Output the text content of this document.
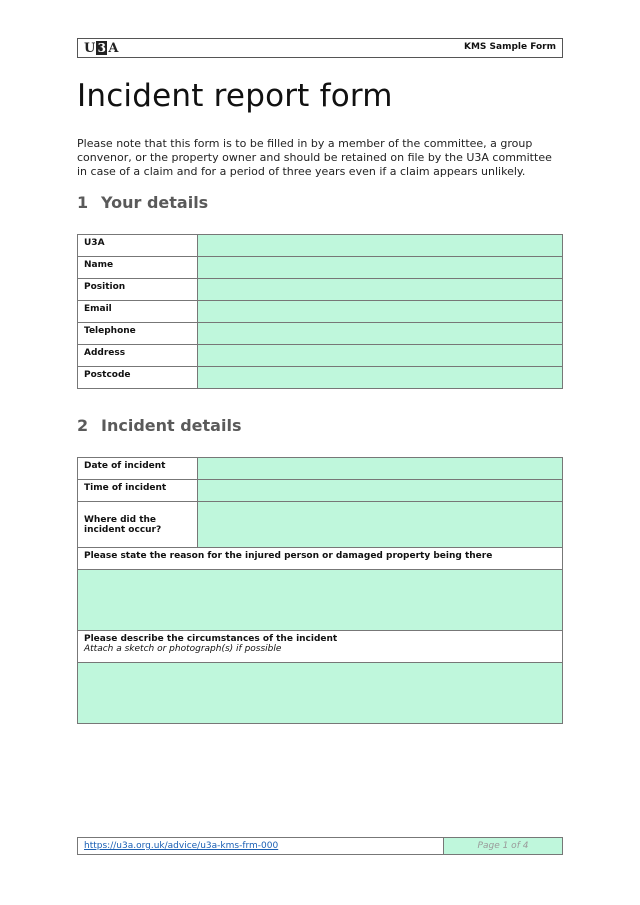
U 3 A	KMS Sample Form
Incident report form

Please note that this form is to be filled in by a member of the committee, a group convenor, or the property owner and should be retained on file by the U3A committee in case of a claim and for a period of three years even if a claim appears unlikely.

1 Your details
U3A	
Name	
Position	
Email	
Telephone	
Address	
Postcode	
2 Incident details
Date of incident	
Time of incident	
Where did the incident occur?	
Please state the reason for the injured person or damaged property being there	

Please describe the circumstances of the incident
Attach a sketch or photograph(s) if possible	

https://u3a.org.uk/advice/u3a-kms-frm-000	Page 1 of 4
